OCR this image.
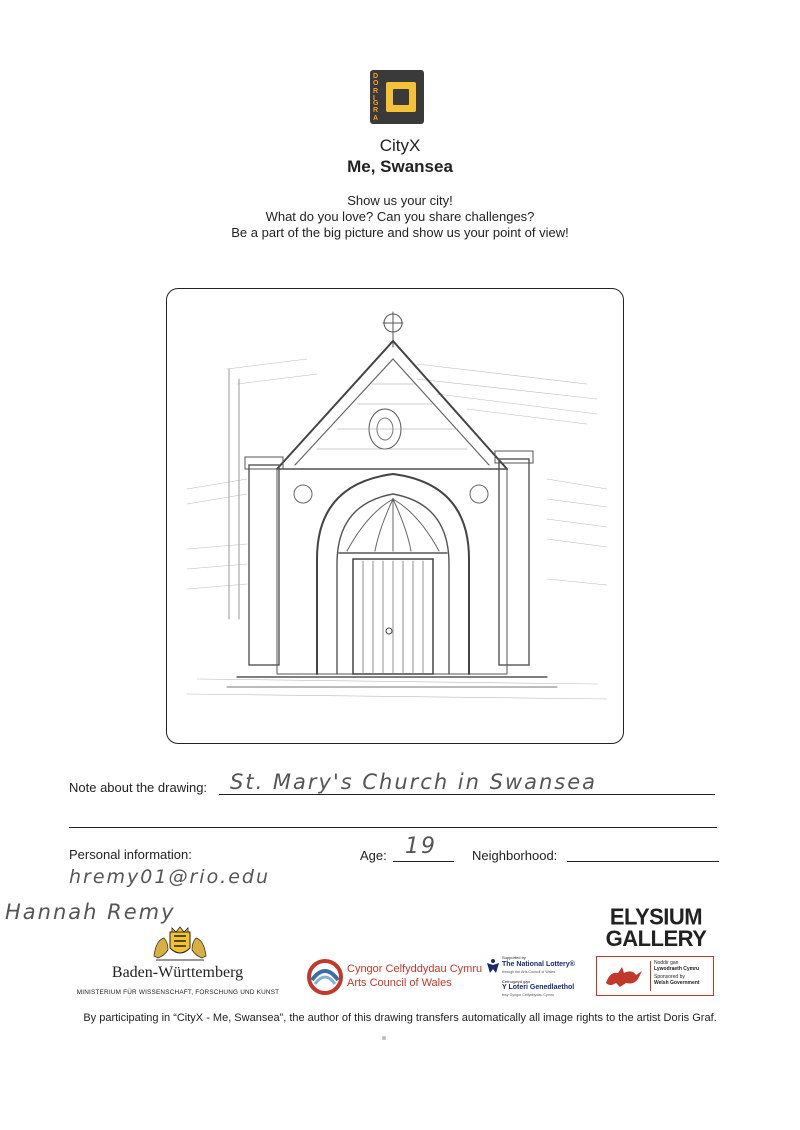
D
O
R
I
G
R
A
CityX
Me, Swansea
Show us your city!
What do you love? Can you share challenges?
Be a part of the big picture and show us your point of view!
Note about the drawing: St. Mary's Church in Swansea
Personal information:	Age: 19	Neighborhood:
hremy01@rio.edu
Hannah Remy
Baden-Württemberg
MINISTERIUM FÜR WISSENSCHAFT, FORSCHUNG UND KUNST
Cyngor Celfyddydau Cymru
Arts Council of Wales
Supported by
The National Lottery®
through the Arts Council of Wales
Cefnogwyd gan
Y Loteri Genedlaethol
trwy Gyngor Celfyddydau Cymru
ELYSIUM
GALLERY
Noddir gan
Lywodraeth Cymru
Sponsored by
Welsh Government
By participating in “CityX - Me, Swansea”, the author of this drawing transfers automatically all image rights to the artist Doris Graf.
